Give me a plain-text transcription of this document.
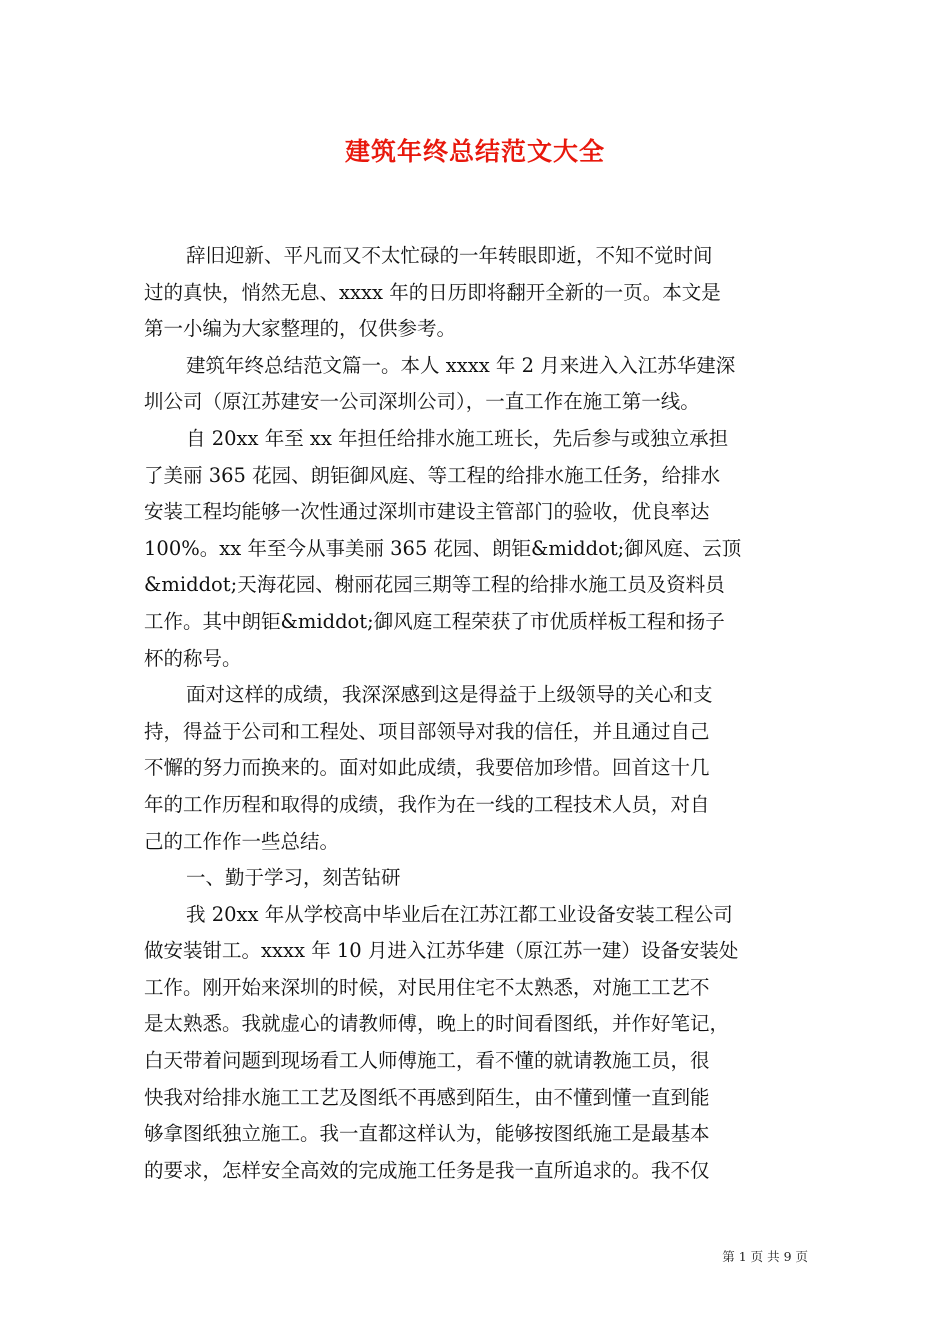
建筑年终总结范文大全
辞旧迎新、平凡而又不太忙碌的一年转眼即逝，不知不觉时间
过的真快，悄然无息、xxxx 年的日历即将翻开全新的一页。本文是
第一小编为大家整理的，仅供参考。
建筑年终总结范文篇一。本人 xxxx 年 2 月来进入入江苏华建深
圳公司（原江苏建安一公司深圳公司），一直工作在施工第一线。
自 20xx 年至 xx 年担任给排水施工班长，先后参与或独立承担
了美丽 365 花园、朗钜御风庭、等工程的给排水施工任务，给排水
安装工程均能够一次性通过深圳市建设主管部门的验收，优良率达
100%。xx 年至今从事美丽 365 花园、朗钜&middot;御风庭、云顶
&middot;天海花园、榭丽花园三期等工程的给排水施工员及资料员
工作。其中朗钜&middot;御风庭工程荣获了市优质样板工程和扬子
杯的称号。
面对这样的成绩，我深深感到这是得益于上级领导的关心和支
持，得益于公司和工程处、项目部领导对我的信任，并且通过自己
不懈的努力而换来的。面对如此成绩，我要倍加珍惜。回首这十几
年的工作历程和取得的成绩，我作为在一线的工程技术人员，对自
己的工作作一些总结。
一、勤于学习，刻苦钻研
我 20xx 年从学校高中毕业后在江苏江都工业设备安装工程公司
做安装钳工。xxxx 年 10 月进入江苏华建（原江苏一建）设备安装处
工作。刚开始来深圳的时候，对民用住宅不太熟悉，对施工工艺不
是太熟悉。我就虚心的请教师傅，晚上的时间看图纸，并作好笔记，
白天带着问题到现场看工人师傅施工，看不懂的就请教施工员，很
快我对给排水施工工艺及图纸不再感到陌生，由不懂到懂一直到能
够拿图纸独立施工。我一直都这样认为，能够按图纸施工是最基本
的要求，怎样安全高效的完成施工任务是我一直所追求的。我不仅
第 1 页 共 9 页
